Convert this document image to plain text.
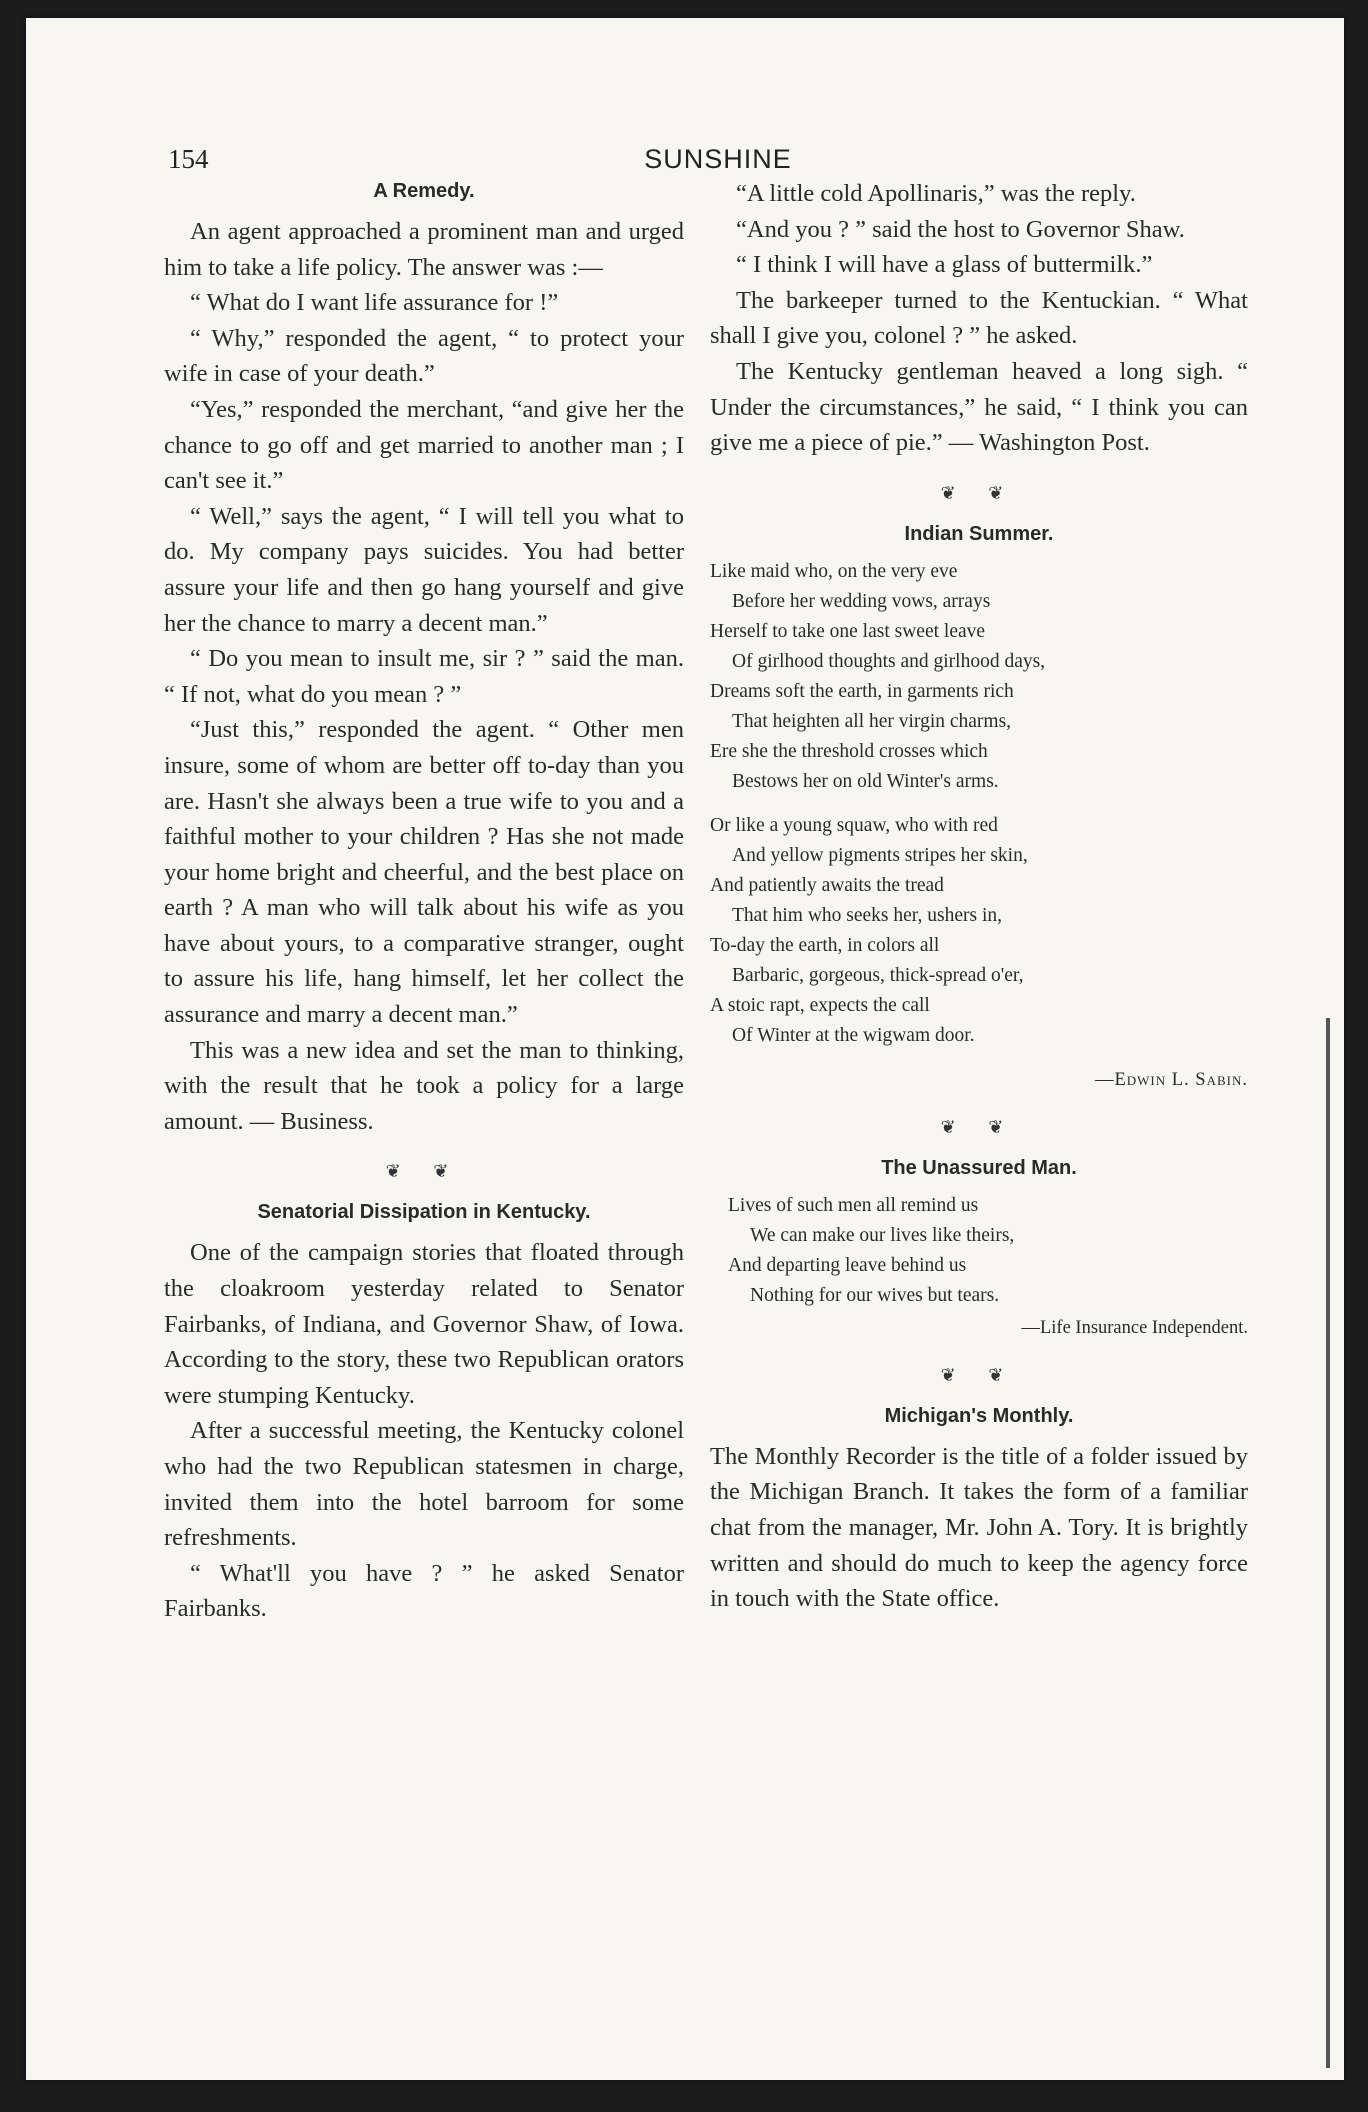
154	SUNSHINE
A Remedy.

An agent approached a prominent man and urged him to take a life policy. The answer was :—

“ What do I want life assurance for !”

“ Why,” responded the agent, “ to protect your wife in case of your death.”

“Yes,” responded the merchant, “and give her the chance to go off and get married to another man ; I can't see it.”

“ Well,” says the agent, “ I will tell you what to do. My company pays suicides. You had better assure your life and then go hang yourself and give her the chance to marry a decent man.”

“ Do you mean to insult me, sir ? ” said the man. “ If not, what do you mean ? ”

“Just this,” responded the agent. “ Other men insure, some of whom are better off to-day than you are. Hasn't she always been a true wife to you and a faithful mother to your children ? Has she not made your home bright and cheerful, and the best place on earth ? A man who will talk about his wife as you have about yours, to a comparative stranger, ought to assure his life, hang himself, let her collect the assurance and marry a decent man.”

This was a new idea and set the man to thinking, with the result that he took a policy for a large amount. — Business.

❦ ❦
Senatorial Dissipation in Kentucky.

One of the campaign stories that floated through the cloakroom yesterday related to Senator Fairbanks, of Indiana, and Governor Shaw, of Iowa. According to the story, these two Republican orators were stumping Kentucky.

After a successful meeting, the Kentucky colonel who had the two Republican statesmen in charge, invited them into the hotel barroom for some refreshments.

“ What'll you have ? ” he asked Senator Fairbanks.

“A little cold Apollinaris,” was the reply.

“And you ? ” said the host to Governor Shaw.

“ I think I will have a glass of buttermilk.”

The barkeeper turned to the Kentuckian. “ What shall I give you, colonel ? ” he asked.

The Kentucky gentleman heaved a long sigh. “ Under the circumstances,” he said, “ I think you can give me a piece of pie.” — Washington Post.

❦ ❦
Indian Summer.
Like maid who, on the very eve
Before her wedding vows, arrays
Herself to take one last sweet leave
Of girlhood thoughts and girlhood days,
Dreams soft the earth, in garments rich
That heighten all her virgin charms,
Ere she the threshold crosses which
Bestows her on old Winter's arms.
Or like a young squaw, who with red
And yellow pigments stripes her skin,
And patiently awaits the tread
That him who seeks her, ushers in,
To-day the earth, in colors all
Barbaric, gorgeous, thick-spread o'er,
A stoic rapt, expects the call
Of Winter at the wigwam door.
—Edwin L. Sabin.
❦ ❦
The Unassured Man.
Lives of such men all remind us
We can make our lives like theirs,
And departing leave behind us
Nothing for our wives but tears.
—Life Insurance Independent.
❦ ❦
Michigan's Monthly.

The Monthly Recorder is the title of a folder issued by the Michigan Branch. It takes the form of a familiar chat from the manager, Mr. John A. Tory. It is brightly written and should do much to keep the agency force in touch with the State office.
